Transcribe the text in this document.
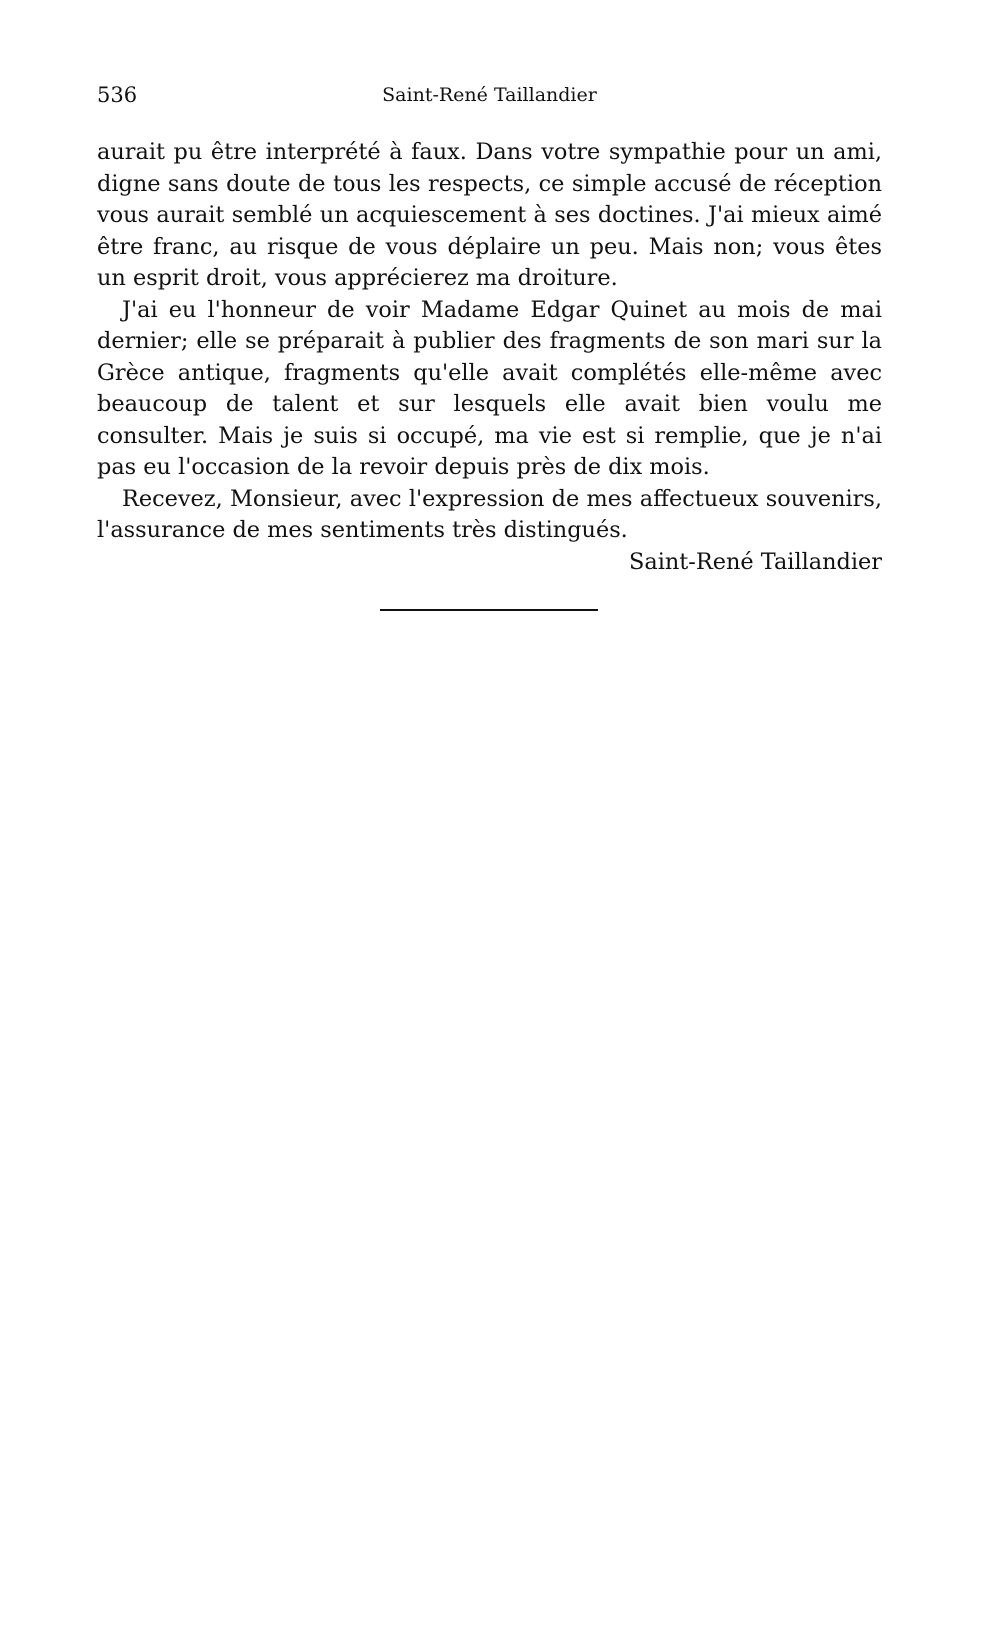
536	Saint-René Taillandier

aurait pu être interprété à faux. Dans votre sympathie pour un ami, digne sans doute de tous les respects, ce simple accusé de réception vous aurait semblé un acquiescement à ses doctines. J'ai mieux aimé être franc, au risque de vous déplaire un peu. Mais non; vous êtes un esprit droit, vous apprécierez ma droiture.

J'ai eu l'honneur de voir Madame Edgar Quinet au mois de mai dernier; elle se préparait à publier des fragments de son mari sur la Grèce antique, fragments qu'elle avait complétés elle-même avec beaucoup de talent et sur lesquels elle avait bien voulu me consulter. Mais je suis si occupé, ma vie est si remplie, que je n'ai pas eu l'occasion de la revoir depuis près de dix mois.

Recevez, Monsieur, avec l'expression de mes affectueux souvenirs, l'assurance de mes sentiments très distingués.

Saint-René Taillandier
